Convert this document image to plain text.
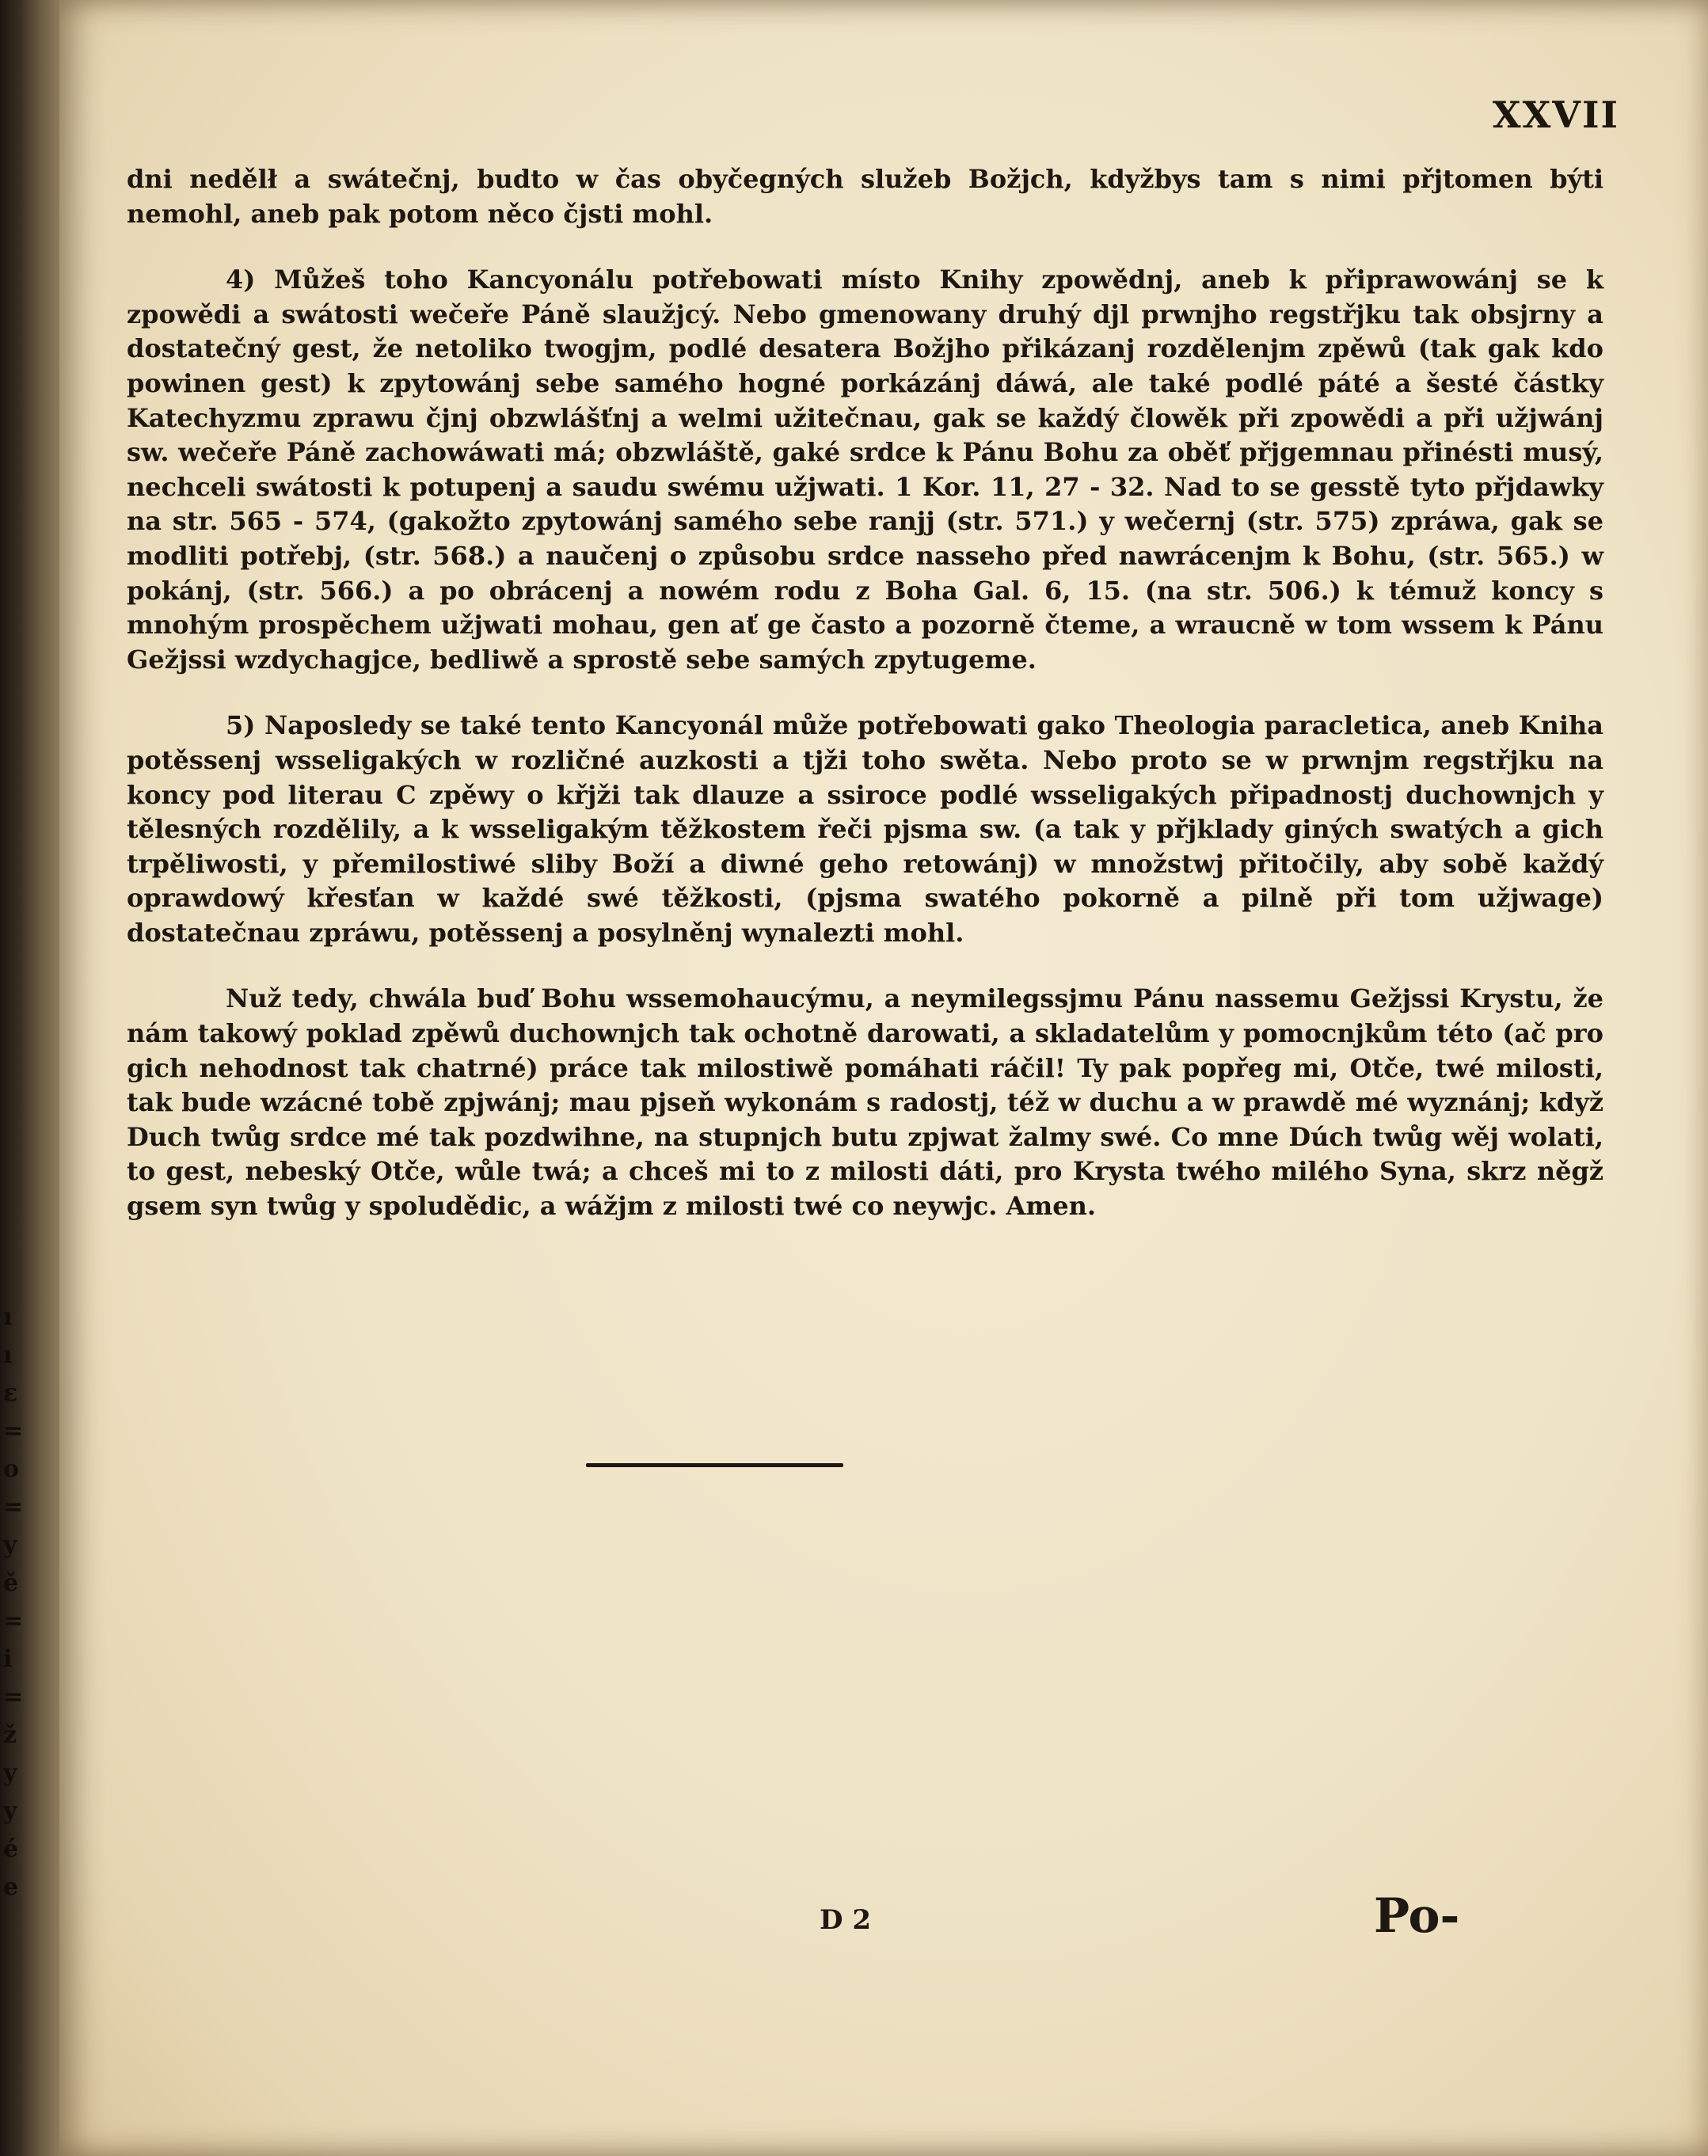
ı
ı
ɛ
=
o
=
y
ě
=
i
=
ž
y
y
é
e
XXVII

dni nedělł a swátečnj, budto w čas obyčegných služeb Božjch, kdyžbys tam s nimi přjtomen býti nemohl, aneb pak potom něco čjsti mohl.

4) Můžeš toho Kancyonálu potřebowati místo Knihy zpowědnj, aneb k připrawowánj se k zpowědi a swátosti wečeře Páně slaužjcý. Nebo gmenowany druhý djl prwnjho regstřjku tak obsjrny a dostatečný gest, že netoliko twogjm, podlé desatera Božjho přikázanj rozdělenjm zpěwů (tak gak kdo powinen gest) k zpytowánj sebe samého hogné porkázánj dáwá, ale také podlé páté a šesté částky Katechyzmu zprawu čjnj obzwlášťnj a welmi užitečnau, gak se každý člowěk při zpowědi a při užjwánj sw. wečeře Páně zachowáwati má; obzwláště, gaké srdce k Pánu Bohu za oběť přjgemnau přinésti musý, nechceli swátosti k potupenj a saudu swému užjwati. 1 Kor. 11, 27 - 32. Nad to se gesstě tyto přjdawky na str. 565 - 574, (gakožto zpytowánj samého sebe ranjj (str. 571.) y wečernj (str. 575) zpráwa, gak se modliti potřebj, (str. 568.) a naučenj o způsobu srdce nasseho před nawrácenjm k Bohu, (str. 565.) w pokánj, (str. 566.) a po obrácenj a nowém rodu z Boha Gal. 6, 15. (na str. 506.) k témuž koncy s mnohým prospěchem užjwati mohau, gen ať ge často a pozorně čteme, a wraucně w tom wssem k Pánu Gežjssi wzdychagjce, bedliwě a sprostě sebe samých zpytugeme.

5) Naposledy se také tento Kancyonál může potřebowati gako Theologia paracletica, aneb Kniha potěssenj wsseligakých w rozličné auzkosti a tjži toho swěta. Nebo proto se w prwnjm regstřjku na koncy pod literau C zpěwy o křjži tak dlauze a ssiroce podlé wsseligakých připadnostj duchownjch y tělesných rozdělily, a k wsseligakým těžkostem řeči pjsma sw. (a tak y přjklady giných swatých a gich trpěliwosti, y přemilostiwé sliby Boží a diwné geho retowánj) w množstwj přitočily, aby sobě každý oprawdowý křesťan w každé swé těžkosti, (pjsma swatého pokorně a pilně při tom užjwage) dostatečnau zpráwu, potěssenj a posylněnj wynalezti mohl.

Nuž tedy, chwála buď Bohu wssemohaucýmu, a neymilegssjmu Pánu nassemu Gežjssi Krystu, že nám takowý poklad zpěwů duchownjch tak ochotně darowati, a skladatelům y pomocnjkům této (ač pro gich nehodnost tak chatrné) práce tak milostiwě pomáhati ráčil! Ty pak popřeg mi, Otče, twé milosti, tak bude wzácné tobě zpjwánj; mau pjseň wykonám s radostj, též w duchu a w prawdě mé wyznánj; když Duch twůg srdce mé tak pozdwihne, na stupnjch butu zpjwat žalmy swé. Co mne Dúch twůg wěj wolati, to gest, nebeský Otče, wůle twá; a chceš mi to z milosti dáti, pro Krysta twého milého Syna, skrz něgž gsem syn twůg y spoludědic, a wážjm z milosti twé co neywjc. Amen.

D 2	Po-
